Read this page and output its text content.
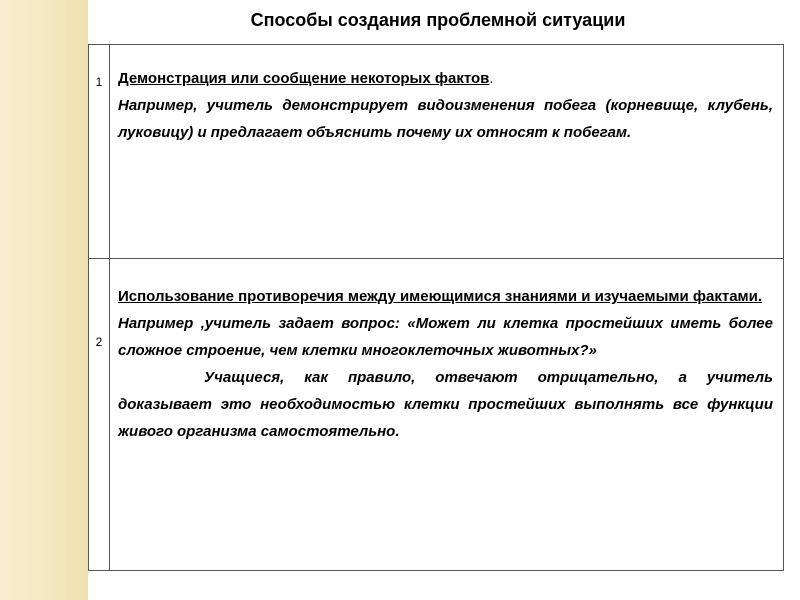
Способы создания проблемной ситуации
1	Демонстрация или сообщение некоторых фактов.

Например, учитель демонстрирует видоизменения побега (корневище, клубень, луковицу) и предлагает объяснить почему их относят к побегам.

2

Использование противоречия между имеющимися знаниями и изучаемыми фактами.

Например ,учитель задает вопрос: «Может ли клетка простейших иметь более сложное строение, чем клетки многоклеточных животных?»

Учащиеся, как правило, отвечают отрицательно, а учитель доказывает это необходимостью клетки простейших выполнять все функции живого организма самостоятельно.
